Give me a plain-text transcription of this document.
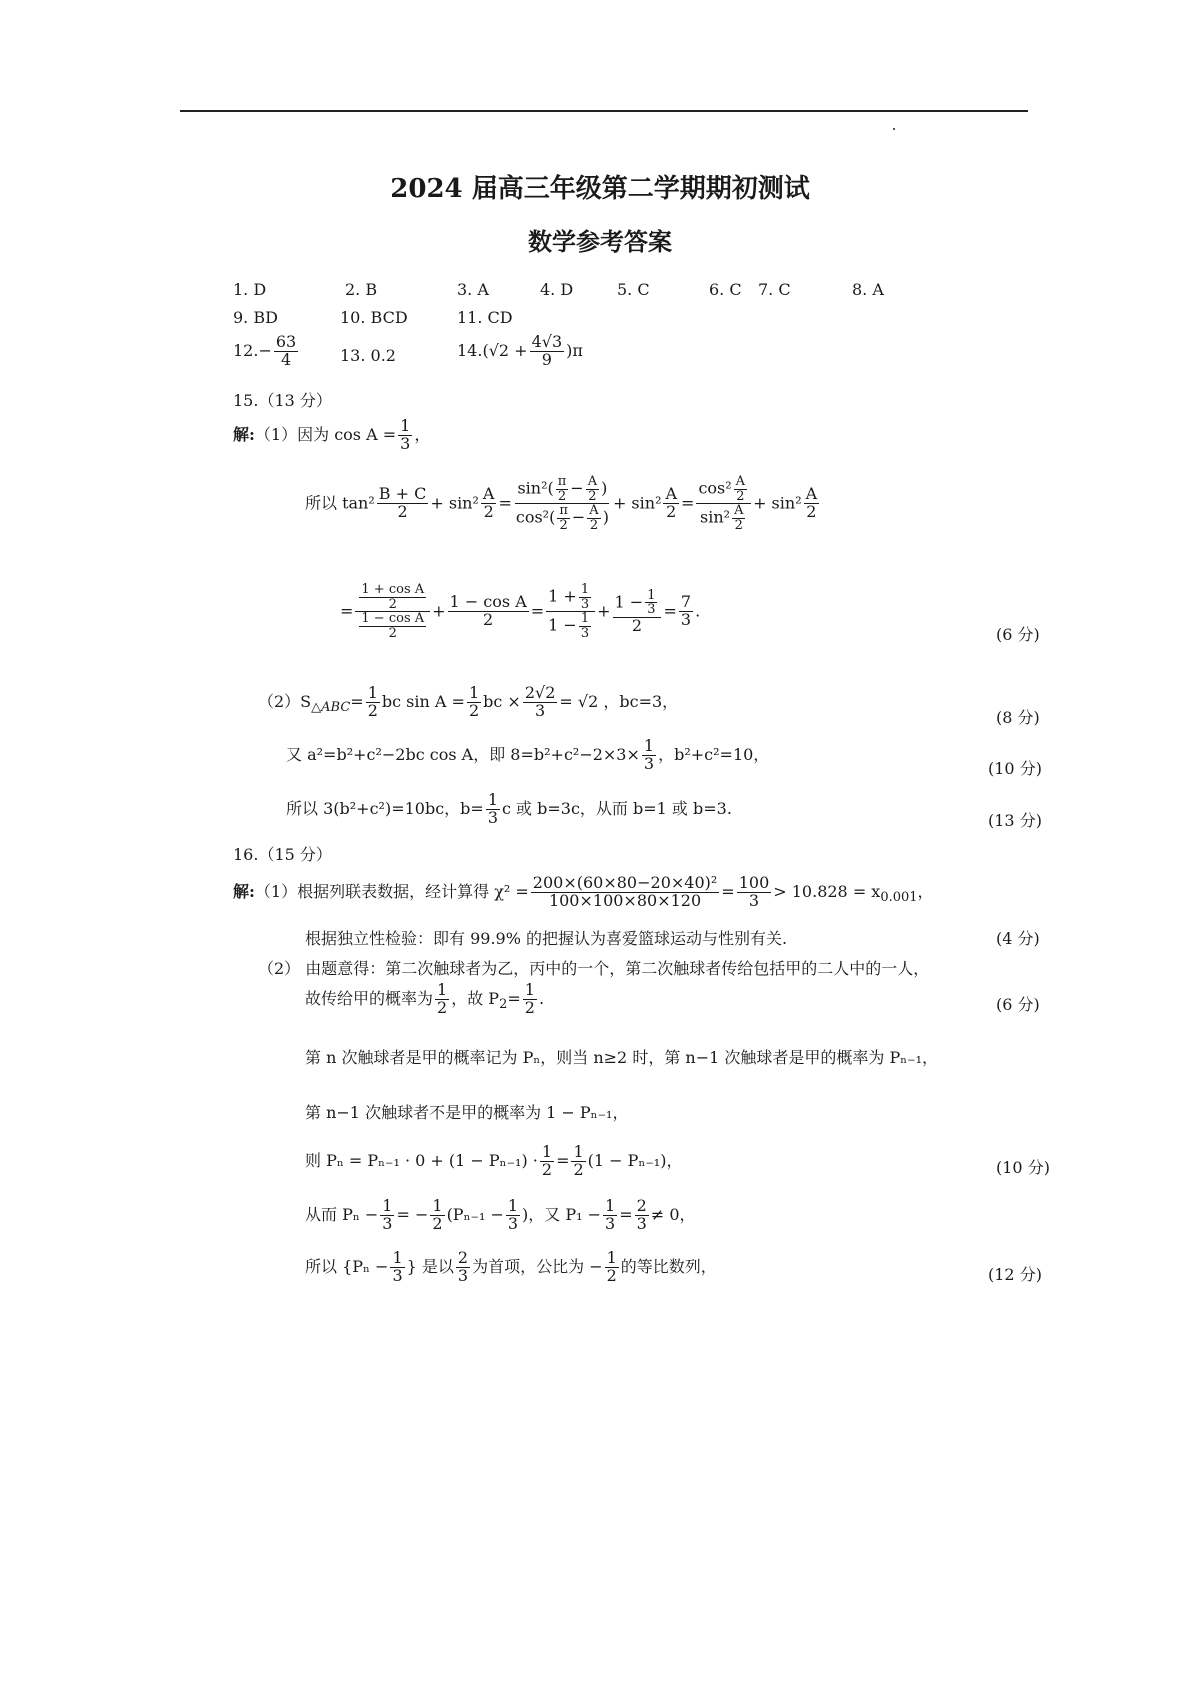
2024 届高三年级第二学期期初测试
数学参考答案
1. D	2. B	3. A	4. D	5. C	6. C 7. C	8. A
9. BD	10. BCD	11. CD
$12.- \frac{63}{4}$	13. 0.2	$14.(√2 + \frac{4√3}{9} )\pi$
15.（13 分）
解:（1）因为 $\cos A = \frac{1}{3}$ ，
所以 $\tan^2 \frac{B + C}{2} + \sin^2 \frac{A}{2} = \frac{\sin^2( \frac{\pi}{2} - \frac{A}{2} )}{\cos^2( \frac{\pi}{2} - \frac{A}{2} )} + \sin^2 \frac{A}{2} = \frac{\cos^2 \frac{A}{2}}{\sin^2 \frac{A}{2}} + \sin^2 \frac{A}{2}$
= $\frac{\frac{\text{1 + cos A}}{2}}{\frac{\text{1 − cos A}}{2}} + \frac{\text{1 − cos A}}{2} = \frac{1 + \frac{1}{3}}{1 - \frac{1}{3}} + \frac{1 - \frac{1}{3}}{2} = \frac{7}{3}$ .
(6 分)
$(2)S_{\triangle ABC}= \frac{1}{2}$ bc $\sin A = \frac{1}{2}$ bc × $\frac{2√2}{3} = √2$ ，bc=3，
(8 分)
又 a²=b²+c²−2bc cos A，即 $8=b^2+c^2-2\times 3\times \frac{1}{3}$ ，b²+c²=10，
(10 分)
所以 3(b²+c²)=10bc，$b= \frac{1}{3}$ c 或 b=3c，从而 b=1 或 b=3.
(13 分)
16.（15 分）
解:（1）根据列联表数据，经计算得 $\chi^2 = \frac{\text{200×(60×80−20×40)²}}{100\times 100\times 80\times 120} = \frac{100}{3} > 10.828 = x_{0.001}$，
根据独立性检验：即有 99.9% 的把握认为喜爱篮球运动与性别有关.	(4 分)
（2） 由题意得：第二次触球者为乙，丙中的一个，第二次触球者传给包括甲的二人中的一人，
故传给甲的概率为 $\frac{1}{2}$ ，故 $P_2= \frac{1}{2}$ .	(6 分)
第 n 次触球者是甲的概率记为 Pₙ，则当 n≥2 时，第 n−1 次触球者是甲的概率为 Pₙ₋₁，
第 n−1 次触球者不是甲的概率为 1 − Pₙ₋₁，
则 $P_n = P_{n-1} \cdot 0 + (1 - P_{n-1}) \cdot \frac{1}{2} = \frac{1}{2} (1 - P_{n-1})$，	(10 分)
从而 $P_n - \frac{1}{3}$ = − $\frac{1}{2} (P_{n-1} - \frac{1}{3}$ )，又 $P_1 - \frac{1}{3} = \frac{2}{3} \ne 0$，
所以 {$P_n - \frac{1}{3}$ } 是以 $\frac{2}{3}$ 为首项，公比为 − $\frac{1}{2}$ 的等比数列，	(12 分)
